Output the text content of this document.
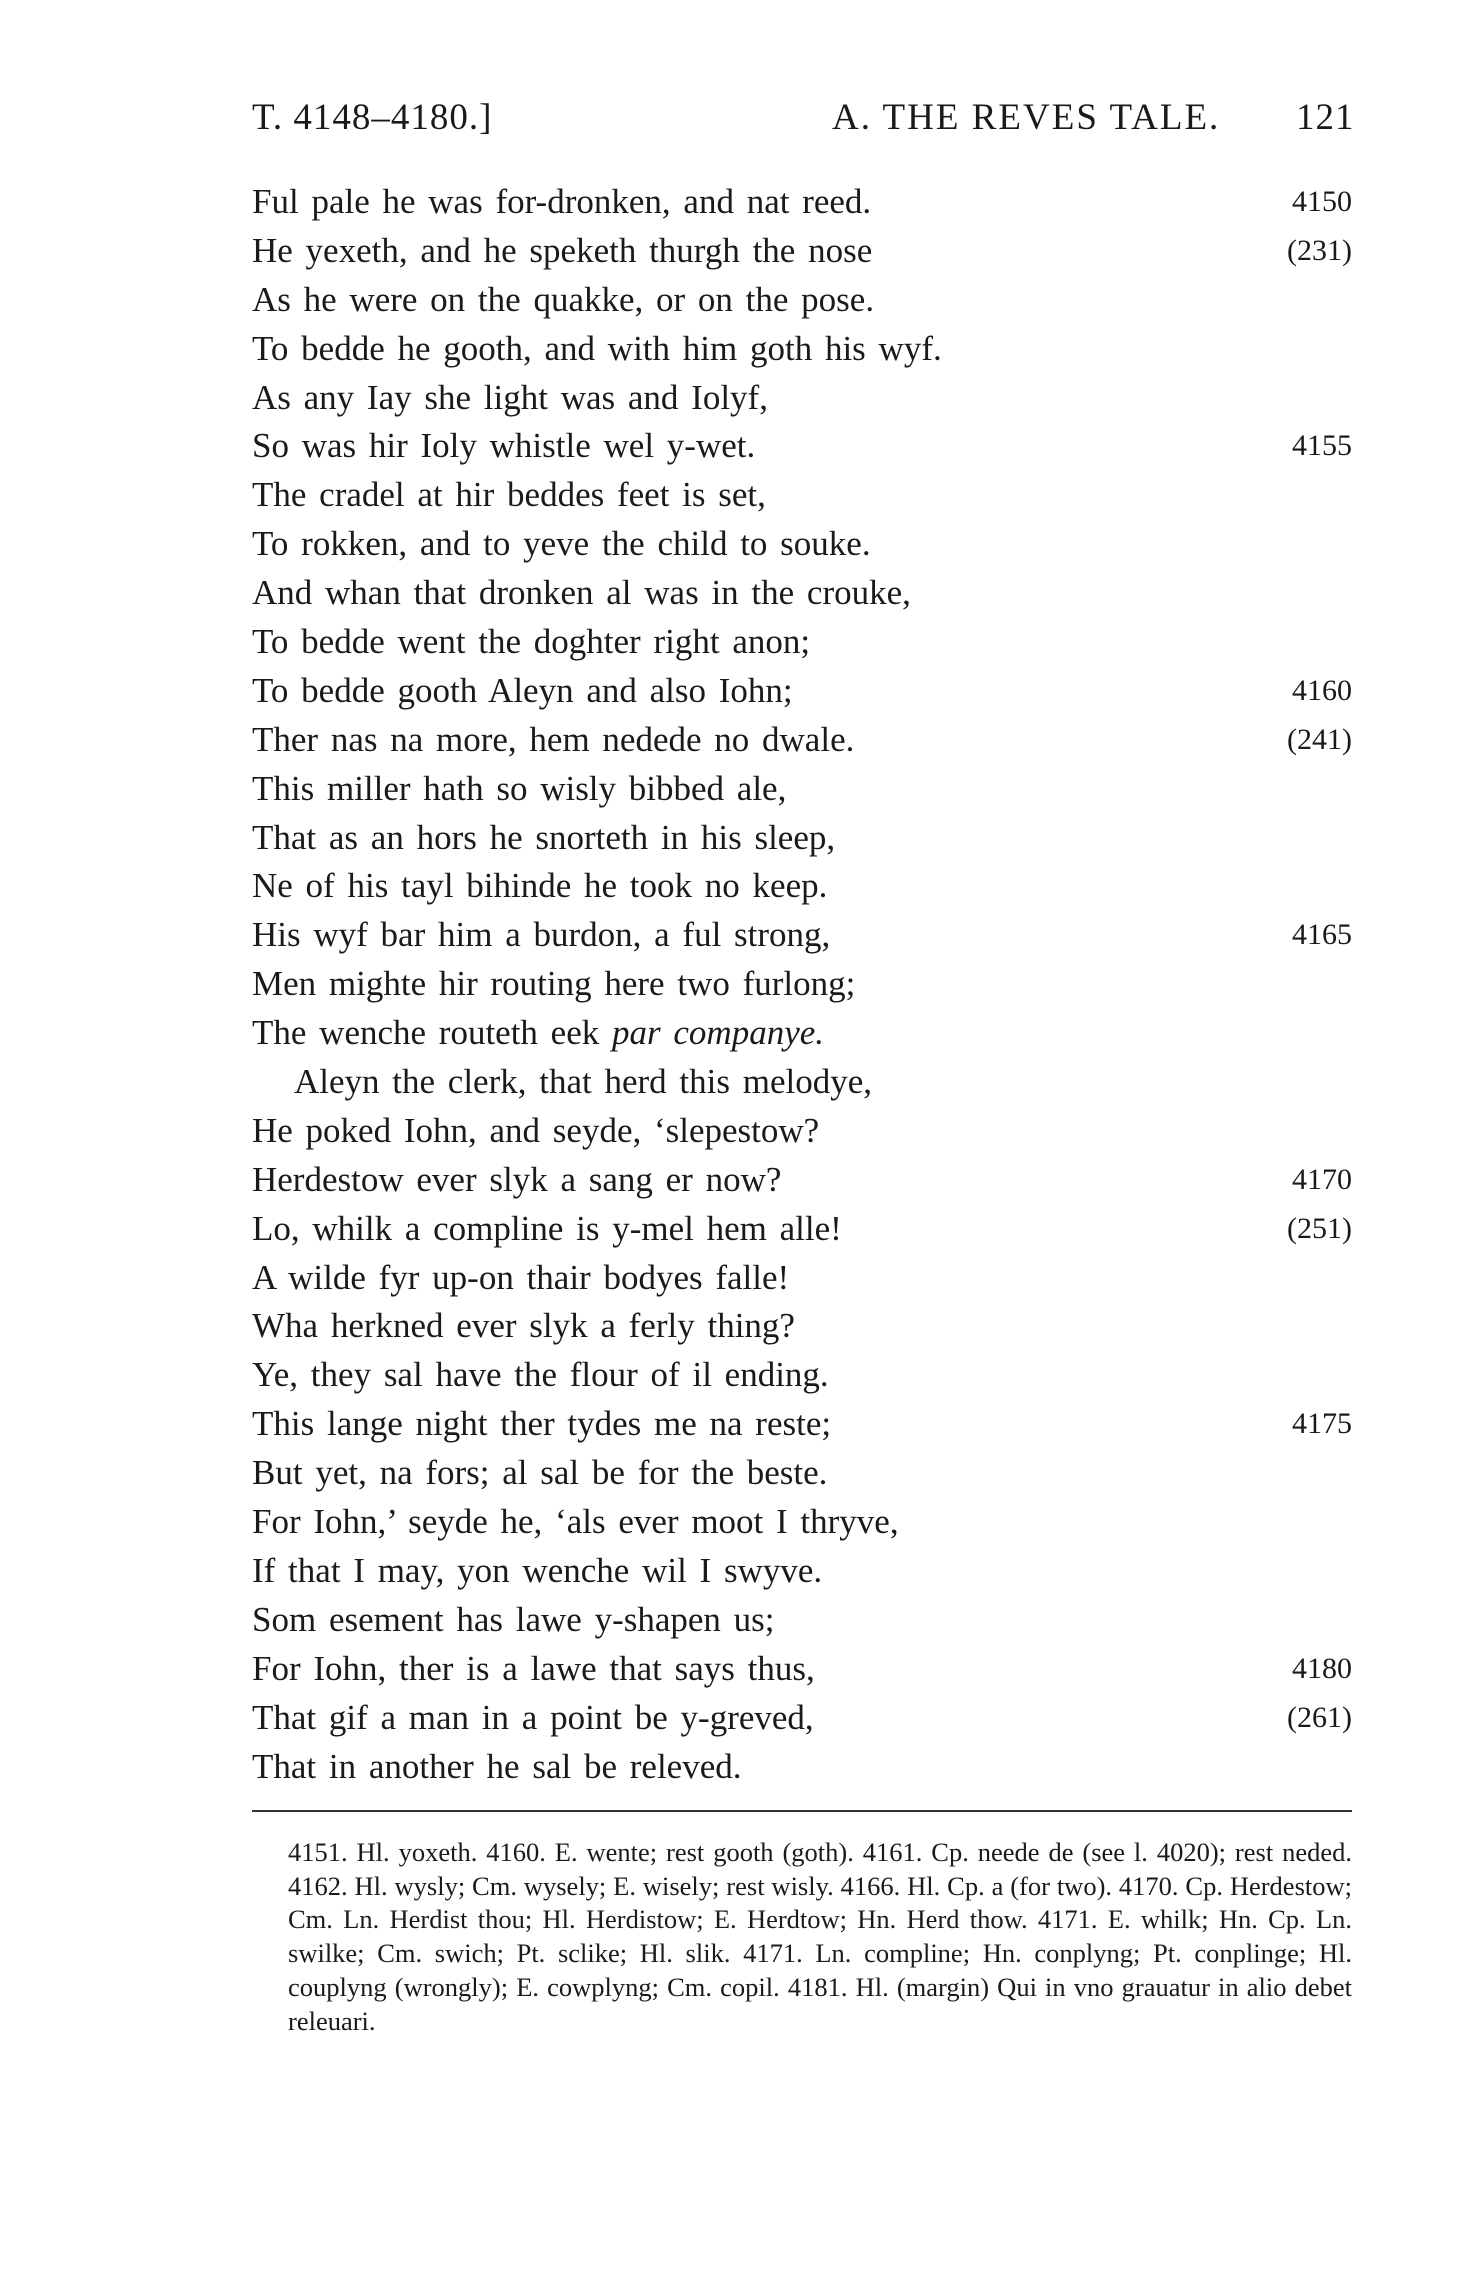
T. 4148–4180.]	A. THE REVES TALE. 121
Ful pale he was for-dronken, and nat reed.	4150
He yexeth, and he speketh thurgh the nose	(231)
As he were on the quakke, or on the pose.
To bedde he gooth, and with him goth his wyf.
As any Iay she light was and Iolyf,
So was hir Ioly whistle wel y-wet.	4155
The cradel at hir beddes feet is set,
To rokken, and to yeve the child to souke.
And whan that dronken al was in the crouke,
To bedde went the doghter right anon;
To bedde gooth Aleyn and also Iohn;	4160
Ther nas na more, hem nedede no dwale.	(241)
This miller hath so wisly bibbed ale,
That as an hors he snorteth in his sleep,
Ne of his tayl bihinde he took no keep.
His wyf bar him a burdon, a ful strong,	4165
Men mighte hir routing here two furlong;
The wenche routeth eek par companye.
Aleyn the clerk, that herd this melodye,
He poked Iohn, and seyde, ‘slepestow?
Herdestow ever slyk a sang er now?	4170
Lo, whilk a compline is y-mel hem alle!	(251)
A wilde fyr up-on thair bodyes falle!
Wha herkned ever slyk a ferly thing?
Ye, they sal have the flour of il ending.
This lange night ther tydes me na reste;	4175
But yet, na fors; al sal be for the beste.
For Iohn,’ seyde he, ‘als ever moot I thryve,
If that I may, yon wenche wil I swyve.
Som esement has lawe y-shapen us;
For Iohn, ther is a lawe that says thus,	4180
That gif a man in a point be y-greved,	(261)
That in another he sal be releved.

4151. Hl. yoxeth. 4160. E. wente; rest gooth (goth). 4161. Cp. neede de (see l. 4020); rest neded. 4162. Hl. wysly; Cm. wysely; E. wisely; rest wisly. 4166. Hl. Cp. a (for two). 4170. Cp. Herdestow; Cm. Ln. Herdist thou; Hl. Herdistow; E. Herdtow; Hn. Herd thow. 4171. E. whilk; Hn. Cp. Ln. swilke; Cm. swich; Pt. sclike; Hl. slik. 4171. Ln. compline; Hn. conplyng; Pt. conplinge; Hl. couplyng (wrongly); E. cowplyng; Cm. copil. 4181. Hl. (margin) Qui in vno grauatur in alio debet releuari.
